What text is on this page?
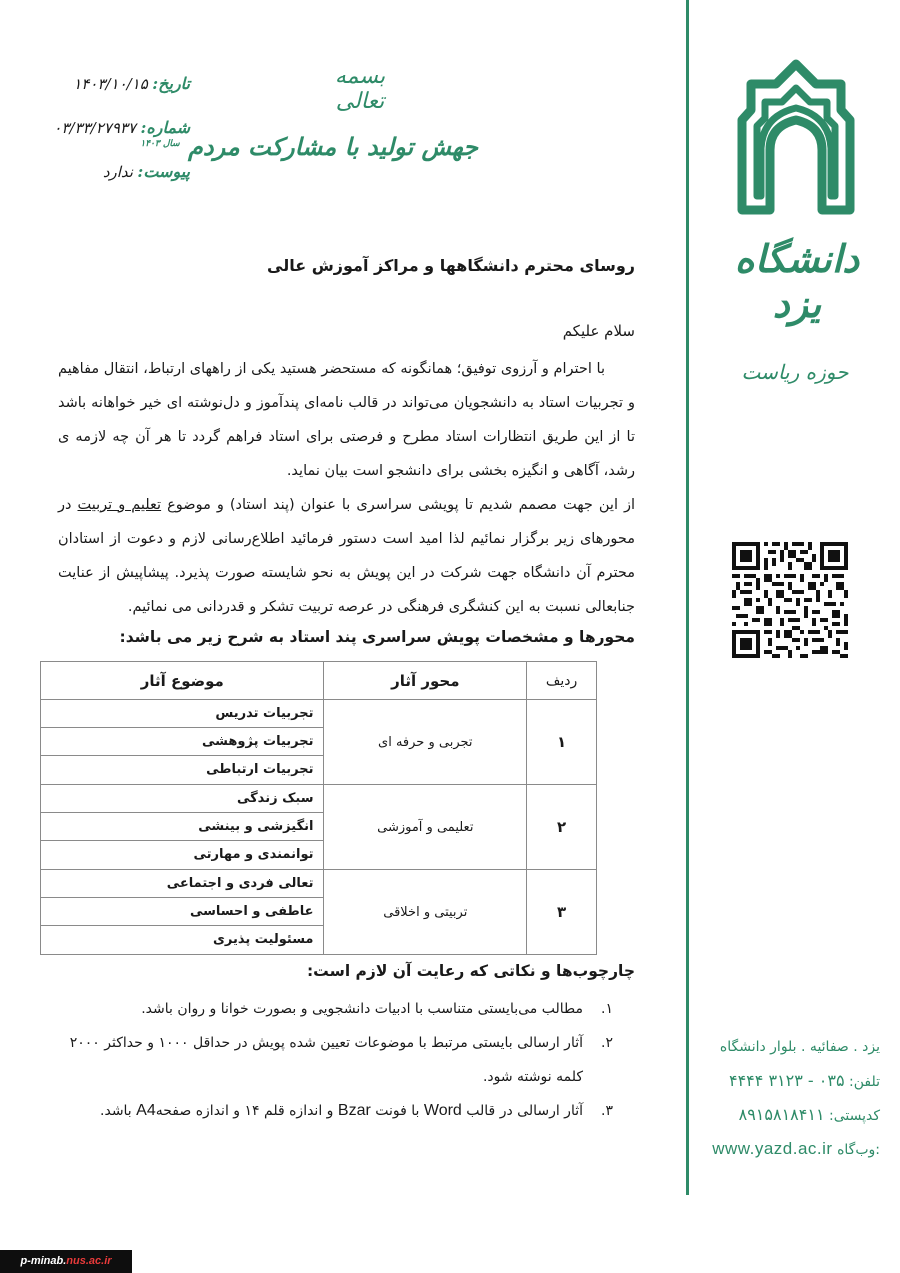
دانشگاه یزد
حوزه ریاست
یزد . صفائیه . بلوار دانشگاه
تلفن: ۰۳۵ - ۳۱۲۳ ۴۴۴۴
کدپستی: ۸۹۱۵۸۱۸۴۱۱
www.yazd.ac.ir وب‌گاه:
تاریخ: ۱۴۰۳/۱۰/۱۵
شماره: ۰۳/۳۳/۲۷۹۳۷
پیوست: ندارد
بسمه تعالی
جهش تولید با مشارکت مردم $^{سال ۱۴۰۳}$
روسای محترم دانشگاهها و مراکز آموزش عالی
سلام علیکم

با احترام و آرزوی توفیق؛ همانگونه که مستحضر هستید یکی از راههای ارتباط، انتقال مفاهیم و تجربیات استاد به دانشجویان می‌تواند در قالب نامه‌ای پندآموز و دل‌نوشته ای خیر خواهانه باشد تا از این طریق انتظارات استاد مطرح و فرصتی برای استاد فراهم گردد تا هر آن چه لازمه ی رشد، آگاهی و انگیزه بخشی برای دانشجو است بیان نماید.

از این جهت مصمم شدیم تا پویشی سراسری با عنوان (پند استاد) و موضوع تعلیم و تربیت در محورهای زیر برگزار نمائیم لذا امید است دستور فرمائید اطلاع‌رسانی لازم و دعوت از استادان محترم آن دانشگاه جهت شرکت در این پویش به نحو شایسته صورت پذیرد. پیشاپیش از عنایت جنابعالی نسبت به این کنشگری فرهنگی در عرصه تربیت تشکر و قدردانی می نمائیم.

محورها و مشخصات پویش سراسری پند استاد به شرح زیر می باشد:
ردیف	محور آثار	موضوع آثار
۱	تجربی و حرفه ای	تجربیات تدریس
تجربیات پژوهشی
تجربیات ارتباطی

۲	تعلیمی و آموزشی	سبک زندگی
انگیزشی و بینشی
توانمندی و مهارتی

۳	تربیتی و اخلاقی	تعالی فردی و اجتماعی
عاطفی و احساسی
مسئولیت پذیری
چارچوب‌ها و نکاتی که رعایت آن لازم است:
۱.
مطالب می‌بایستی متناسب با ادبیات دانشجویی و بصورت خوانا و روان باشد.
۲.
آثار ارسالی بایستی مرتبط با موضوعات تعیین شده پویش در حداقل ۱۰۰۰ و حداکثر ۲۰۰۰ کلمه نوشته شود.
۳.
آثار ارسالی در قالب Word با فونت Bzar و اندازه قلم ۱۴ و اندازه صفحهA4 باشد.
p-minab.nus.ac.ir
